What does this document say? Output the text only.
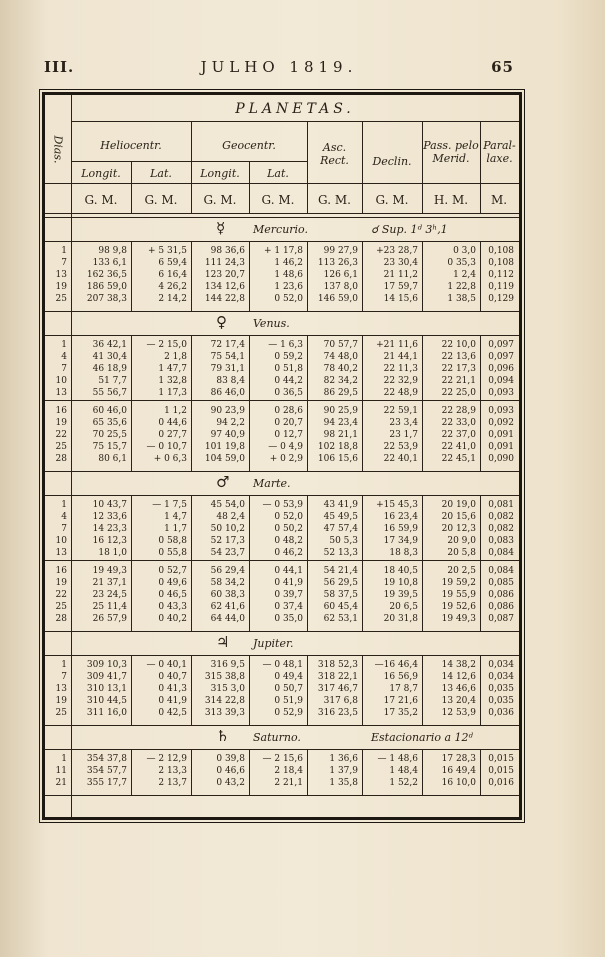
III.	JULHO 1819.	65
PLANETAS.
Dias.	Heliocentr.	Geocentr.	Asc. Rect.	Declin.
Pass. pelo Merid.
Paral-laxe.
Longit.	Lat.	Longit.	Lat.
G. M.	G. M.	G. M.	G. M.	G. M.	G. M.	H. M.	M.
☿	Mercurio.	☌ Sup. 1ᵈ 3ʰ,1
1	98 9,8	+ 5 31,5	98 36,6	+ 1 17,8	99 27,9	+23 28,7	0 3,0	0,108
7	133 6,1	6 59,4	111 24,3	1 46,2	113 26,3	23 30,4	0 35,3	0,108
13	162 36,5	6 16,4	123 20,7	1 48,6	126 6,1	21 11,2	1 2,4	0,112
19	186 59,0	4 26,2	134 12,6	1 23,6	137 8,0	17 59,7	1 22,8	0,119
25	207 38,3	2 14,2	144 22,8	0 52,0	146 59,0	14 15,6	1 38,5	0,129
♀ Venus.
1	36 42,1	— 2 15,0	72 17,4	— 1 6,3	70 57,7	+21 11,6	22 10,0	0,097
4	41 30,4	2 1,8	75 54,1	0 59,2	74 48,0	21 44,1	22 13,6	0,097
7	46 18,9	1 47,7	79 31,1	0 51,8	78 40,2	22 11,3	22 17,3	0,096
10	51 7,7	1 32,8	83 8,4	0 44,2	82 34,2	22 32,9	22 21,1	0,094
13	55 56,7	1 17,3	86 46,0	0 36,5	86 29,5	22 48,9	22 25,0	0,093
16	60 46,0	1 1,2	90 23,9	0 28,6	90 25,9	22 59,1	22 28,9	0,093
19	65 35,6	0 44,6	94 2,2	0 20,7	94 23,4	23 3,4	22 33,0	0,092
22	70 25,5	0 27,7	97 40,9	0 12,7	98 21,1	23 1,7	22 37,0	0,091
25	75 15,7	— 0 10,7	101 19,8	— 0 4,9	102 18,8	22 53,9	22 41,0	0,091
28	80 6,1	+ 0 6,3	104 59,0	+ 0 2,9	106 15,6	22 40,1	22 45,1	0,090
♂ Marte.
1	10 43,7	— 1 7,5	45 54,0	— 0 53,9	43 41,9	+15 45,3	20 19,0	0,081
4	12 33,6	1 4,7	48 2,4	0 52,0	45 49,5	16 23,4	20 15,6	0,082
7	14 23,3	1 1,7	50 10,2	0 50,2	47 57,4	16 59,9	20 12,3	0,082
10	16 12,3	0 58,8	52 17,3	0 48,2	50 5,3	17 34,9	20 9,0	0,083
13	18 1,0	0 55,8	54 23,7	0 46,2	52 13,3	18 8,3	20 5,8	0,084
16	19 49,3	0 52,7	56 29,4	0 44,1	54 21,4	18 40,5	20 2,5	0,084
19	21 37,1	0 49,6	58 34,2	0 41,9	56 29,5	19 10,8	19 59,2	0,085
22	23 24,5	0 46,5	60 38,3	0 39,7	58 37,5	19 39,5	19 55,9	0,086
25	25 11,4	0 43,3	62 41,6	0 37,4	60 45,4	20 6,5	19 52,6	0,086
28	26 57,9	0 40,2	64 44,0	0 35,0	62 53,1	20 31,8	19 49,3	0,087
♃ Jupiter.
1	309 10,3	— 0 40,1	316 9,5	— 0 48,1	318 52,3	—16 46,4	14 38,2	0,034
7	309 41,7	0 40,7	315 38,8	0 49,4	318 22,1	16 56,9	14 12,6	0,034
13	310 13,1	0 41,3	315 3,0	0 50,7	317 46,7	17 8,7	13 46,6	0,035
19	310 44,5	0 41,9	314 22,8	0 51,9	317 6,8	17 21,6	13 20,4	0,035
25	311 16,0	0 42,5	313 39,3	0 52,9	316 23,5	17 35,2	12 53,9	0,036
♄ Saturno.	Estacionario a 12ᵈ
1	354 37,8	— 2 12,9	0 39,8	— 2 15,6	1 36,6	— 1 48,6	17 28,3	0,015
11	354 57,7	2 13,3	0 46,6	2 18,4	1 37,9	1 48,4	16 49,4	0,015
21	355 17,7	2 13,7	0 43,2	2 21,1	1 35,8	1 52,2	16 10,0	0,016
